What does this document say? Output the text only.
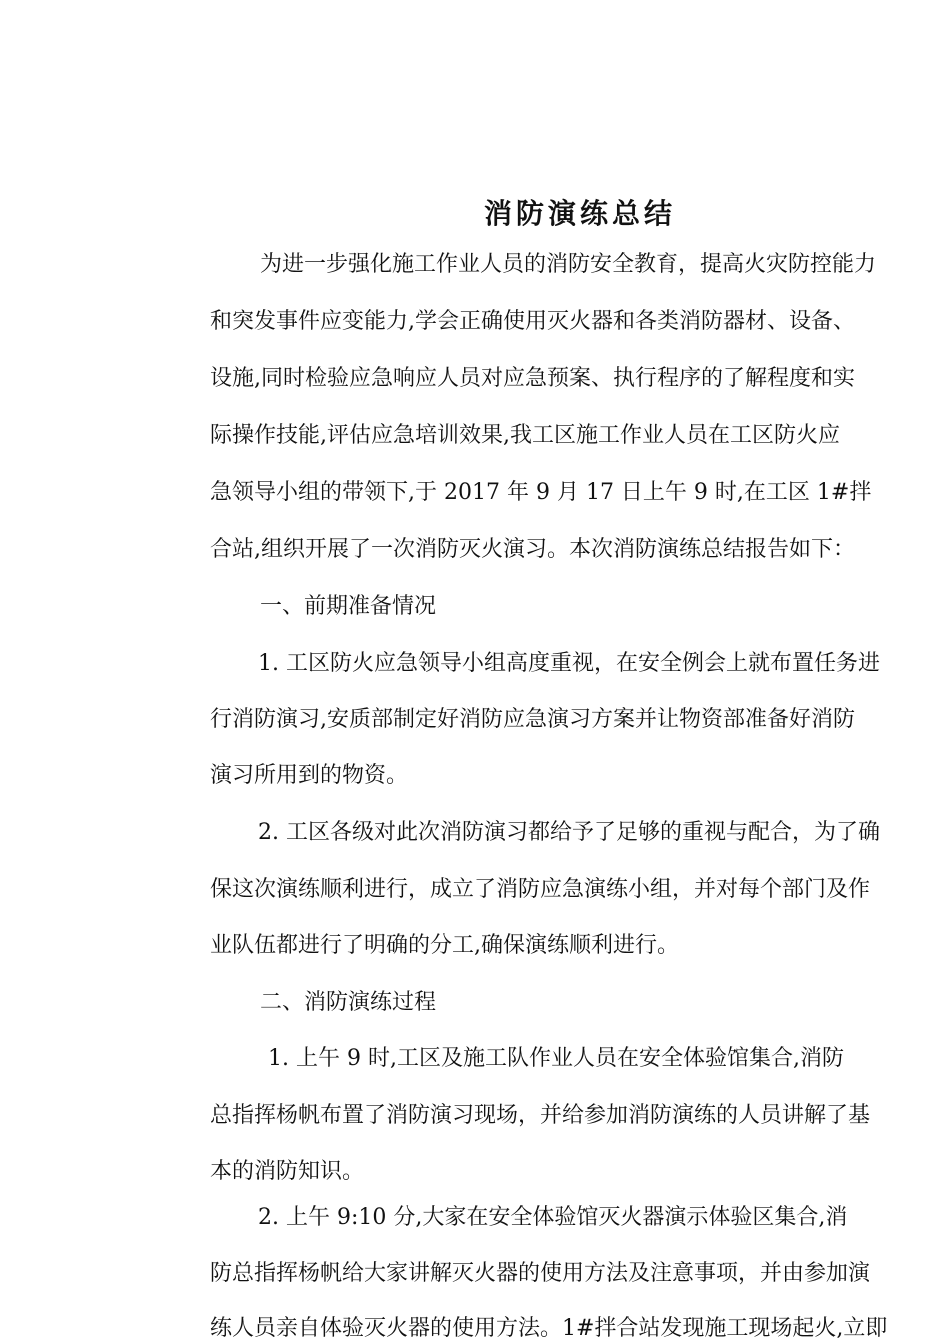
消防演练总结
为进一步强化施工作业人员的消防安全教育，提高火灾防控能力
和突发事件应变能力,学会正确使用灭火器和各类消防器材、设备、
设施,同时检验应急响应人员对应急预案、执行程序的了解程度和实
际操作技能,评估应急培训效果,我工区施工作业人员在工区防火应
急领导小组的带领下,于 2017 年 9 月 17 日上午 9 时,在工区 1#拌
合站,组织开展了一次消防灭火演习。本次消防演练总结报告如下：
一、前期准备情况
1. 工区防火应急领导小组高度重视，在安全例会上就布置任务进
行消防演习,安质部制定好消防应急演习方案并让物资部准备好消防
演习所用到的物资。
2. 工区各级对此次消防演习都给予了足够的重视与配合，为了确
保这次演练顺利进行，成立了消防应急演练小组，并对每个部门及作
业队伍都进行了明确的分工,确保演练顺利进行。
二、消防演练过程
1. 上午 9 时,工区及施工队作业人员在安全体验馆集合,消防
总指挥杨帆布置了消防演习现场，并给参加消防演练的人员讲解了基
本的消防知识。
2. 上午 9:10 分,大家在安全体验馆灭火器演示体验区集合,消
防总指挥杨帆给大家讲解灭火器的使用方法及注意事项，并由参加演
练人员亲自体验灭火器的使用方法。1#拌合站发现施工现场起火,立即
